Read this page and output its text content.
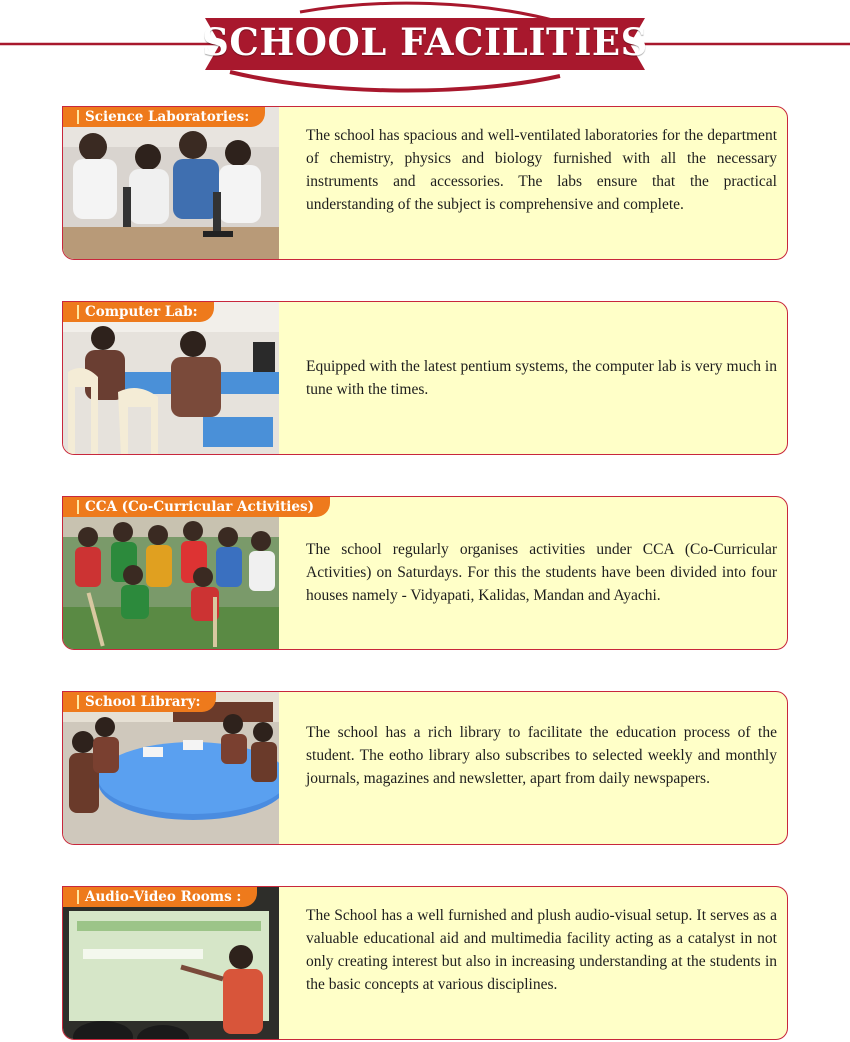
SCHOOL FACILITIES
Science Laboratories:
The school has spacious and well-ventilated laboratories for the department of chemistry, physics and biology furnished with all the necessary instruments and accessories. The labs ensure that the practical understanding of the subject is comprehensive and complete.
Computer Lab:
Equipped with the latest pentium systems, the computer lab is very much in tune with the times.
CCA (Co-Curricular Activities)
The school regularly organises activities under CCA (Co-Curricular Activities) on Saturdays. For this the students have been divided into four houses namely - Vidyapati, Kalidas, Mandan and Ayachi.
School Library:
The school has a rich library to facilitate the education process of the student. The eotho library also subscribes to selected weekly and monthly journals, magazines and newsletter, apart from daily newspapers.
Audio-Video Rooms :
The School has a well furnished and plush audio-visual setup. It serves as a valuable educational aid and multimedia facility acting as a catalyst in not only creating interest but also in increasing understanding at the students in the basic concepts at various disciplines.
